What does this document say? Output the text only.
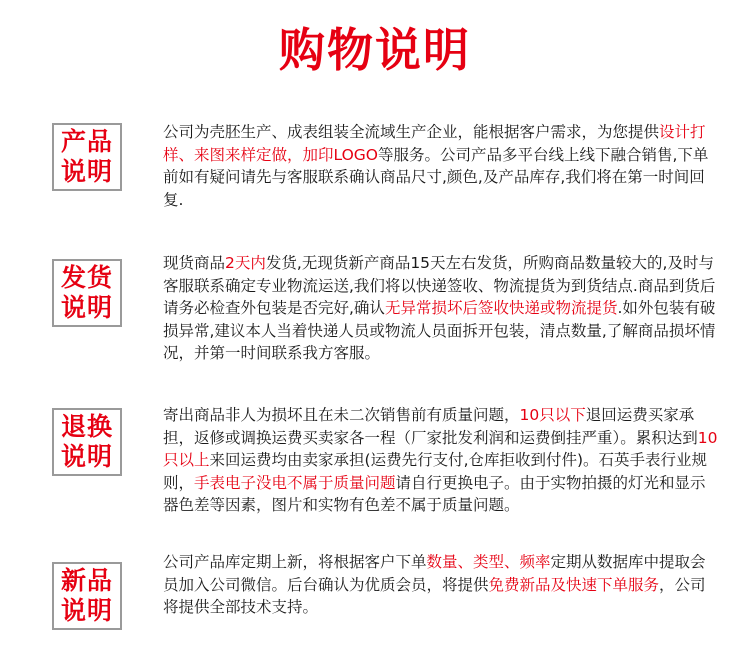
购物说明
产品
说明
公司为壳胚生产、成表组装全流域生产企业，能根据客户需求，为您提供设计打样、来图来样定做，加印LOGO等服务。公司产品多平台线上线下融合销售,下单前如有疑问请先与客服联系确认商品尺寸,颜色,及产品库存,我们将在第一时间回复.
发货
说明
现货商品2天内发货,无现货新产商品15天左右发货，所购商品数量较大的,及时与客服联系确定专业物流运送,我们将以快递签收、物流提货为到货结点.商品到货后请务必检查外包装是否完好,确认无异常损坏后签收快递或物流提货.如外包装有破损异常,建议本人当着快递人员或物流人员面拆开包装，清点数量,了解商品损坏情况，并第一时间联系我方客服。
退换
说明
寄出商品非人为损坏且在未二次销售前有质量问题，10只以下退回运费买家承担，返修或调换运费买卖家各一程（厂家批发利润和运费倒挂严重）。累积达到10只以上来回运费均由卖家承担(运费先行支付,仓库拒收到付件)。石英手表行业规则，手表电子没电不属于质量问题请自行更换电子。由于实物拍摄的灯光和显示器色差等因素，图片和实物有色差不属于质量问题。
新品
说明
公司产品库定期上新，将根据客户下单数量、类型、频率定期从数据库中提取会员加入公司微信。后台确认为优质会员，将提供免费新品及快速下单服务，公司将提供全部技术支持。
